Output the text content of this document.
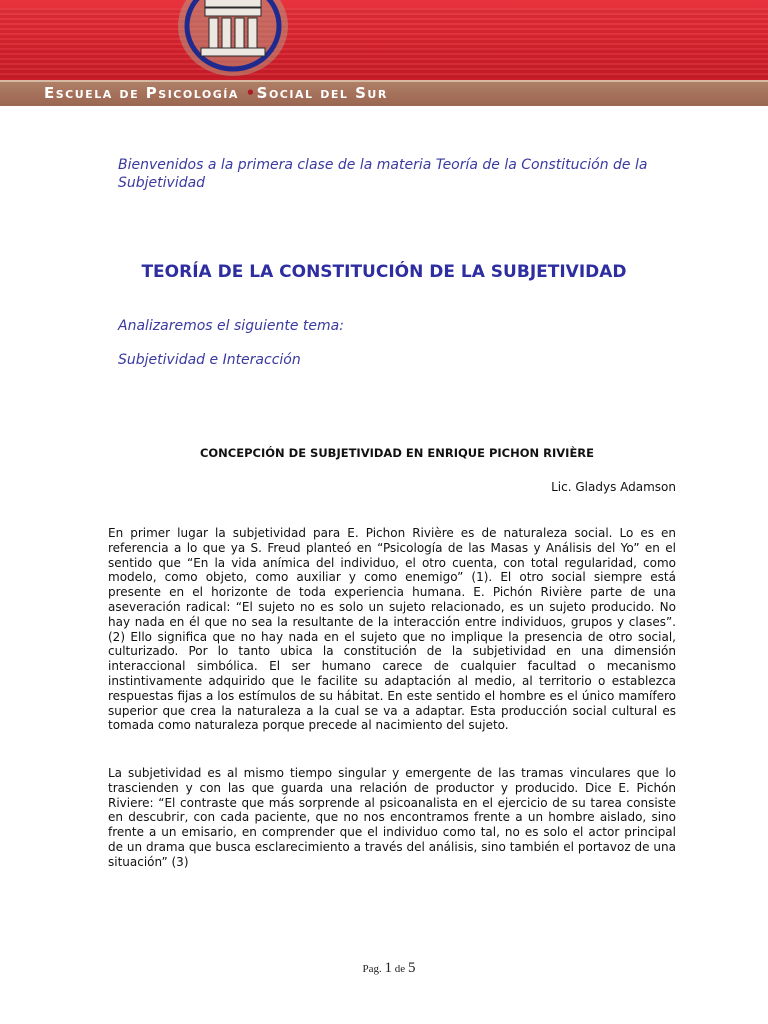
Escuela de Psicología •Social del Sur
Bienvenidos a la primera clase de la materia Teoría de la Constitución de la Subjetividad
TEORÍA DE LA CONSTITUCIÓN DE LA SUBJETIVIDAD
Analizaremos el siguiente tema:
Subjetividad e Interacción
CONCEPCIÓN DE SUBJETIVIDAD EN ENRIQUE PICHON RIVIÈRE
Lic. Gladys Adamson

En primer lugar la subjetividad para E. Pichon Rivière es de naturaleza social. Lo es en referencia a lo que ya S. Freud planteó en “Psicología de las Masas y Análisis del Yo” en el sentido que “En la vida anímica del individuo, el otro cuenta, con total regularidad, como modelo, como objeto, como auxiliar y como enemigo” (1). El otro social siempre está presente en el horizonte de toda experiencia humana. E. Pichón Rivière parte de una aseveración radical: “El sujeto no es solo un sujeto relacionado, es un sujeto producido. No hay nada en él que no sea la resultante de la interacción entre individuos, grupos y clases”. (2) Ello significa que no hay nada en el sujeto que no implique la presencia de otro social, culturizado. Por lo tanto ubica la constitución de la subjetividad en una dimensión interaccional simbólica. El ser humano carece de cualquier facultad o mecanismo instintivamente adquirido que le facilite su adaptación al medio, al territorio o establezca respuestas fijas a los estímulos de su hábitat. En este sentido el hombre es el único mamífero superior que crea la naturaleza a la cual se va a adaptar. Esta producción social cultural es tomada como naturaleza porque precede al nacimiento del sujeto.

La subjetividad es al mismo tiempo singular y emergente de las tramas vinculares que lo trascienden y con las que guarda una relación de productor y producido. Dice E. Pichón Riviere: “El contraste que más sorprende al psicoanalista en el ejercicio de su tarea consiste en descubrir, con cada paciente, que no nos encontramos frente a un hombre aislado, sino frente a un emisario, en comprender que el individuo como tal, no es solo el actor principal de un drama que busca esclarecimiento a través del análisis, sino también el portavoz de una situación” (3)

Pag. 1 de 5
